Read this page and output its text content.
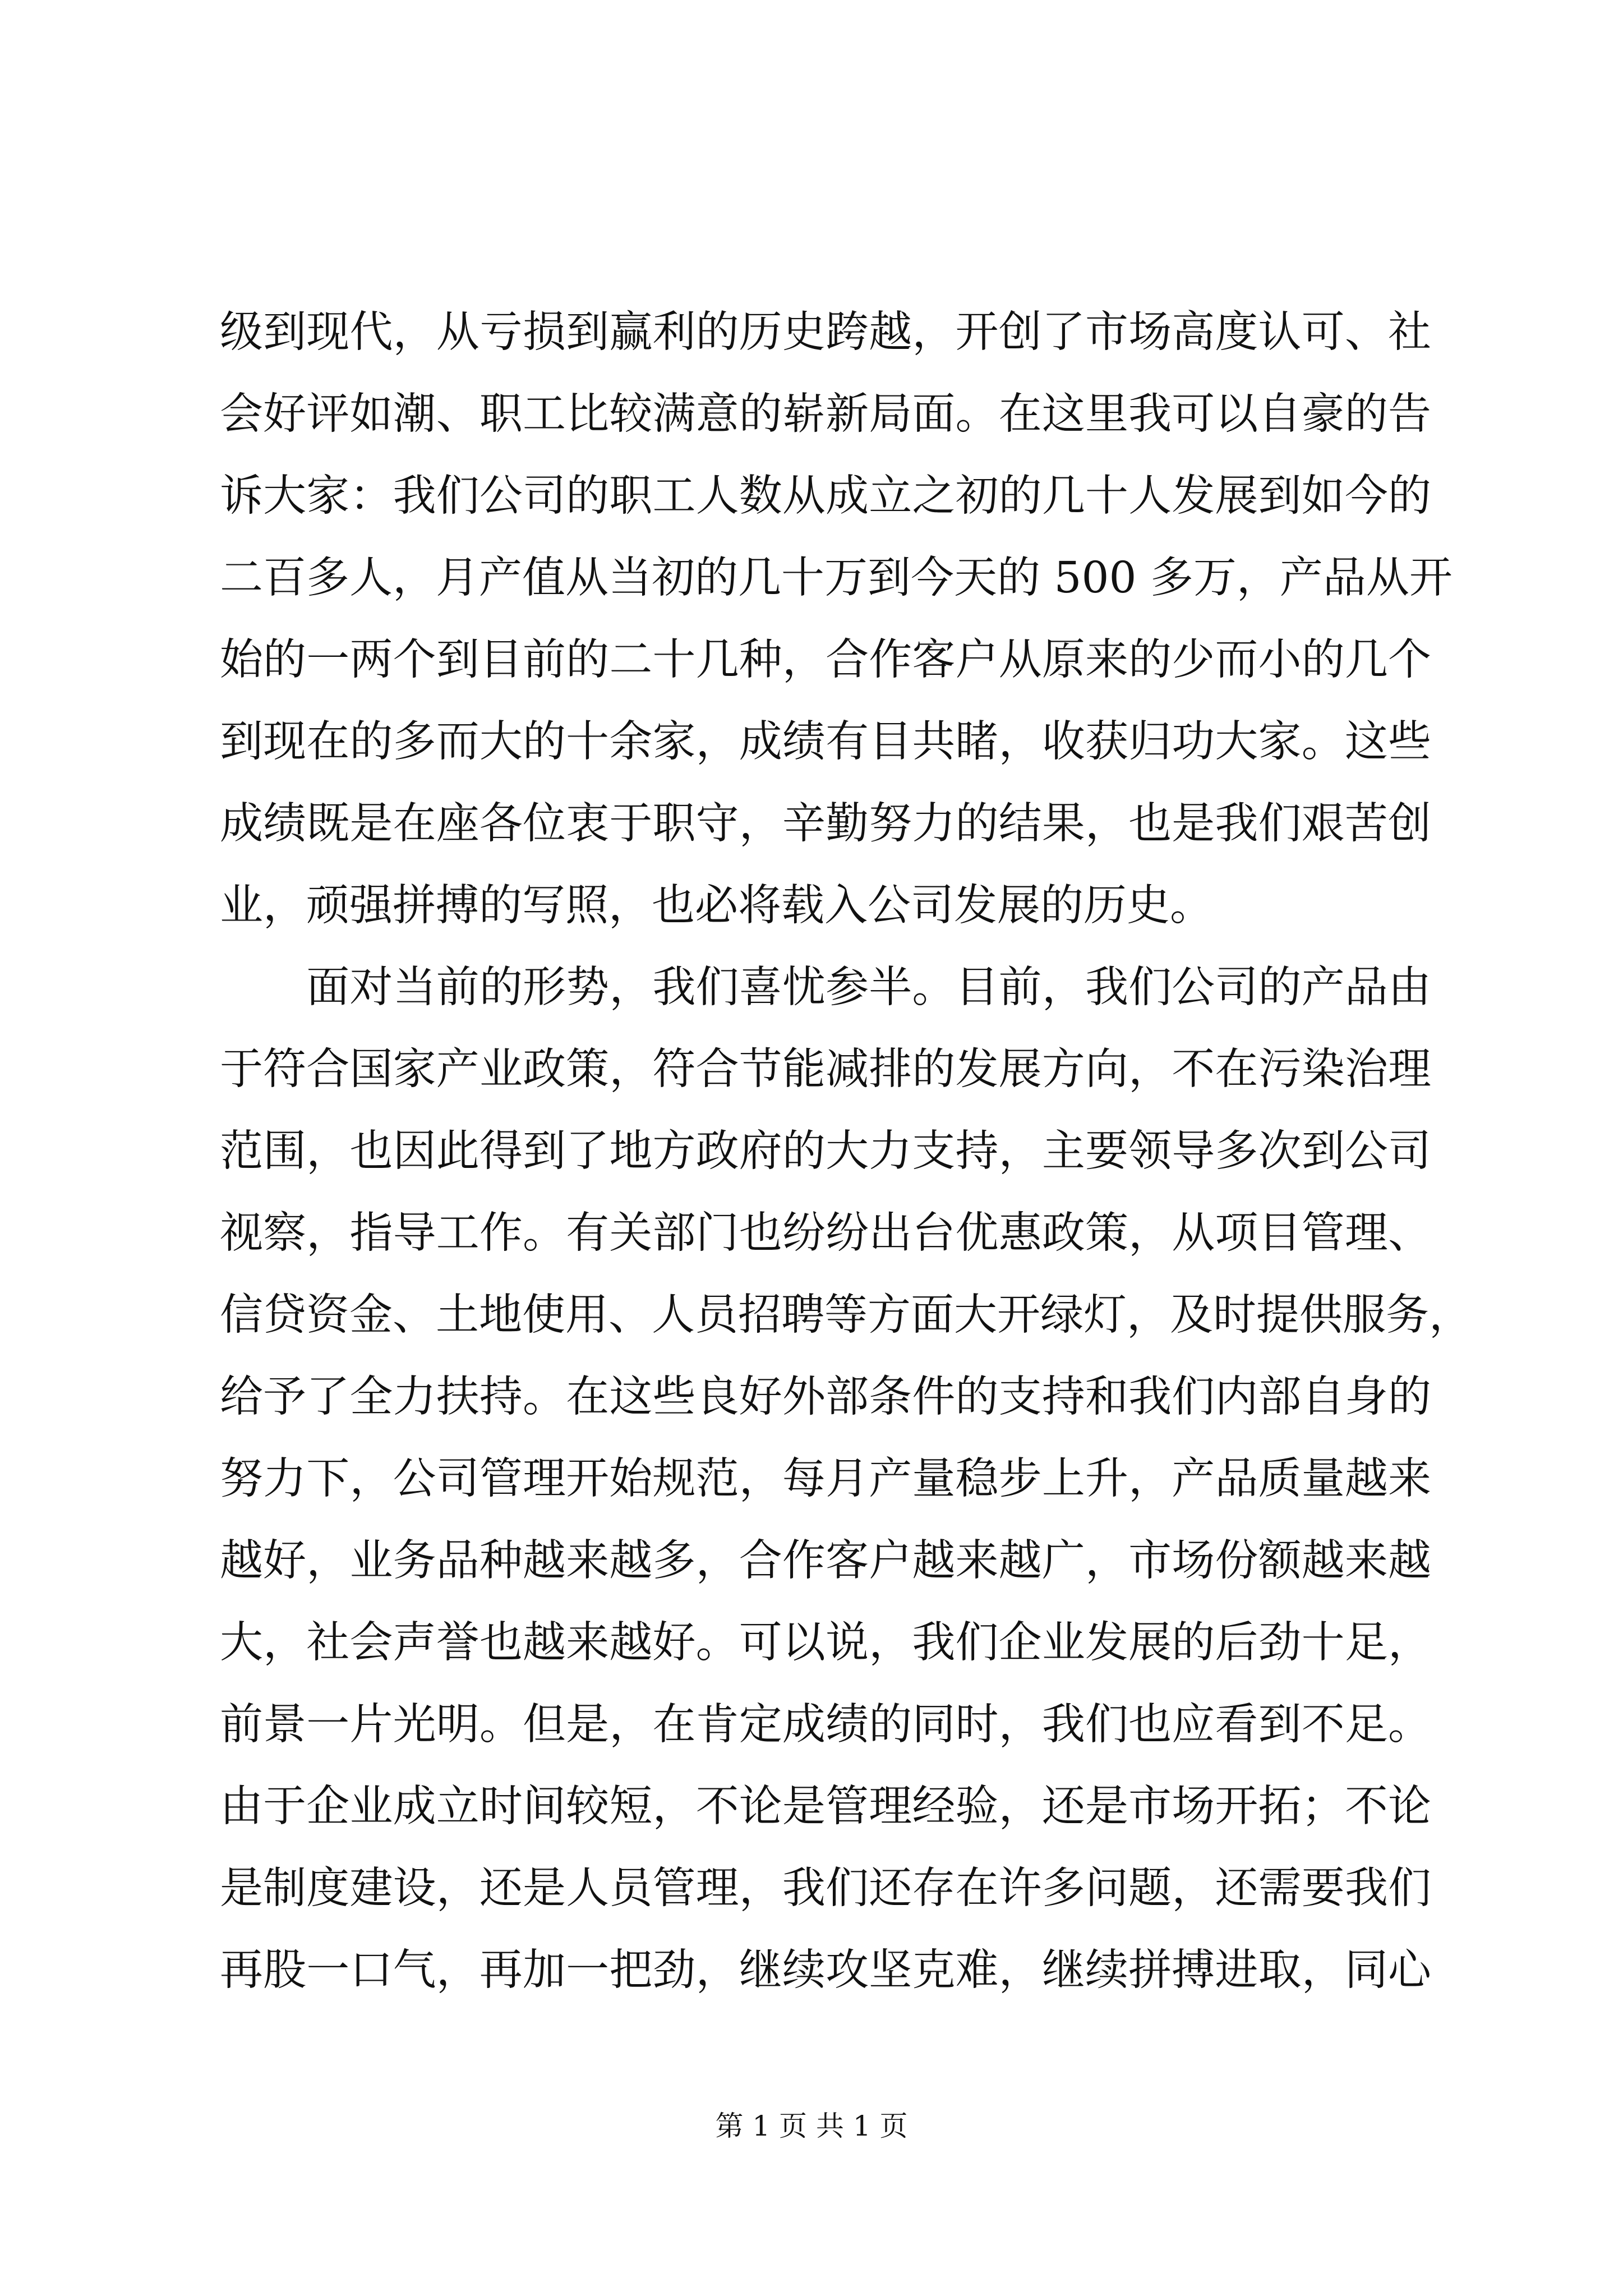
级到现代，从亏损到赢利的历史跨越，开创了市场高度认可、社
会好评如潮、职工比较满意的崭新局面。在这里我可以自豪的告
诉大家：我们公司的职工人数从成立之初的几十人发展到如今的
二百多人，月产值从当初的几十万到今天的 500 多万，产品从开
始的一两个到目前的二十几种，合作客户从原来的少而小的几个
到现在的多而大的十余家，成绩有目共睹，收获归功大家。这些
成绩既是在座各位衷于职守，辛勤努力的结果，也是我们艰苦创
业，顽强拼搏的写照，也必将载入公司发展的历史。
　　面对当前的形势，我们喜忧参半。目前，我们公司的产品由
于符合国家产业政策，符合节能减排的发展方向，不在污染治理
范围，也因此得到了地方政府的大力支持，主要领导多次到公司
视察，指导工作。有关部门也纷纷出台优惠政策，从项目管理、
信贷资金、土地使用、人员招聘等方面大开绿灯，及时提供服务，
给予了全力扶持。在这些良好外部条件的支持和我们内部自身的
努力下，公司管理开始规范，每月产量稳步上升，产品质量越来
越好，业务品种越来越多，合作客户越来越广，市场份额越来越
大，社会声誉也越来越好。可以说，我们企业发展的后劲十足，
前景一片光明。但是，在肯定成绩的同时，我们也应看到不足。
由于企业成立时间较短，不论是管理经验，还是市场开拓；不论
是制度建设，还是人员管理，我们还存在许多问题，还需要我们
再股一口气，再加一把劲，继续攻坚克难，继续拼搏进取，同心
第 1 页 共 1 页
